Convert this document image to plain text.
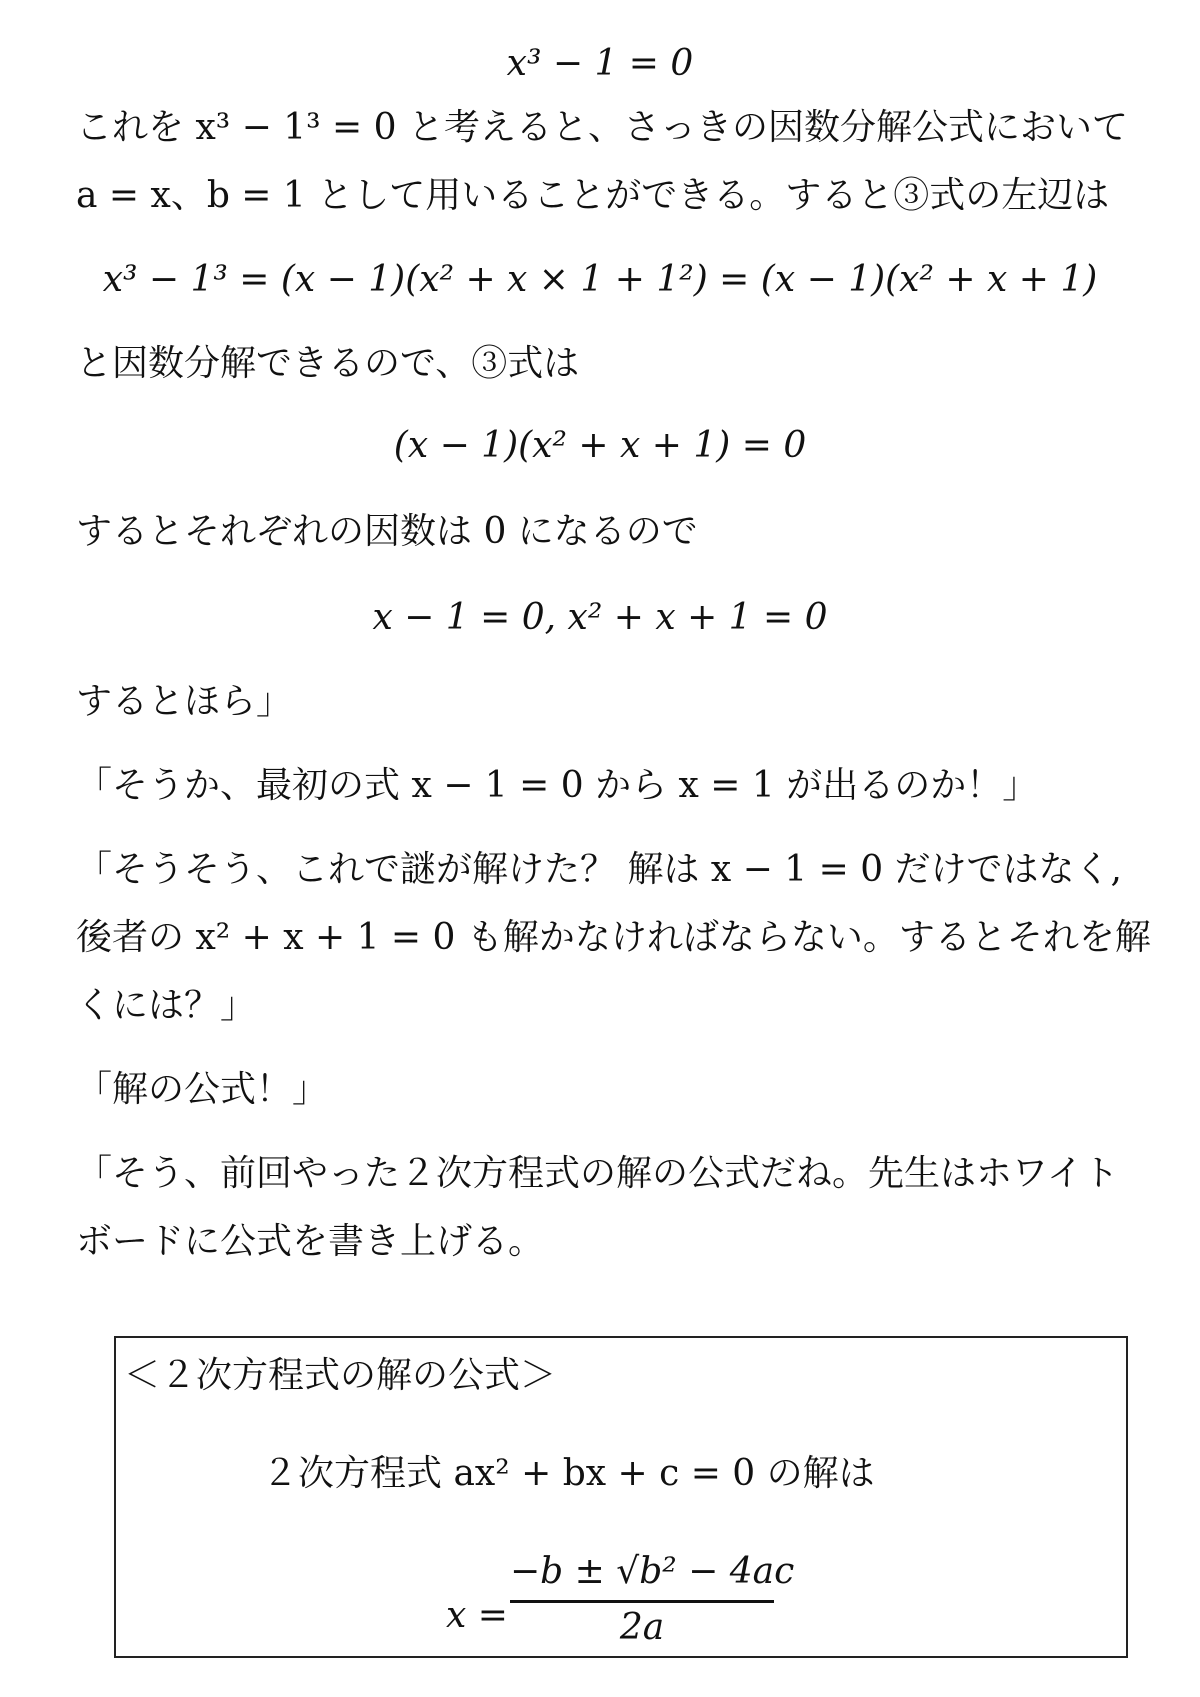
x³ − 1 = 0
これを x³ − 1³ = 0 と考えると、さっきの因数分解公式において
a = x、b = 1 として用いることができる。すると③式の左辺は
x³ − 1³ = (x − 1)(x² + x × 1 + 1²) = (x − 1)(x² + x + 1)
と因数分解できるので、③式は
(x − 1)(x² + x + 1) = 0
するとそれぞれの因数は 0 になるので
x − 1 = 0, x² + x + 1 = 0
するとほら」
「そうか、最初の式 x − 1 = 0 から x = 1 が出るのか！」
「そうそう、これで謎が解けた？ 解は x − 1 = 0 だけではなく,
後者の x² + x + 1 = 0 も解かなければならない。するとそれを解
くには？」
「解の公式！」
「そう、前回やった２次方程式の解の公式だね。先生はホワイト
ボードに公式を書き上げる。
＜２次方程式の解の公式＞
２次方程式 ax² + bx + c = 0 の解は
x =
−b ± √b² − 4ac
2a
